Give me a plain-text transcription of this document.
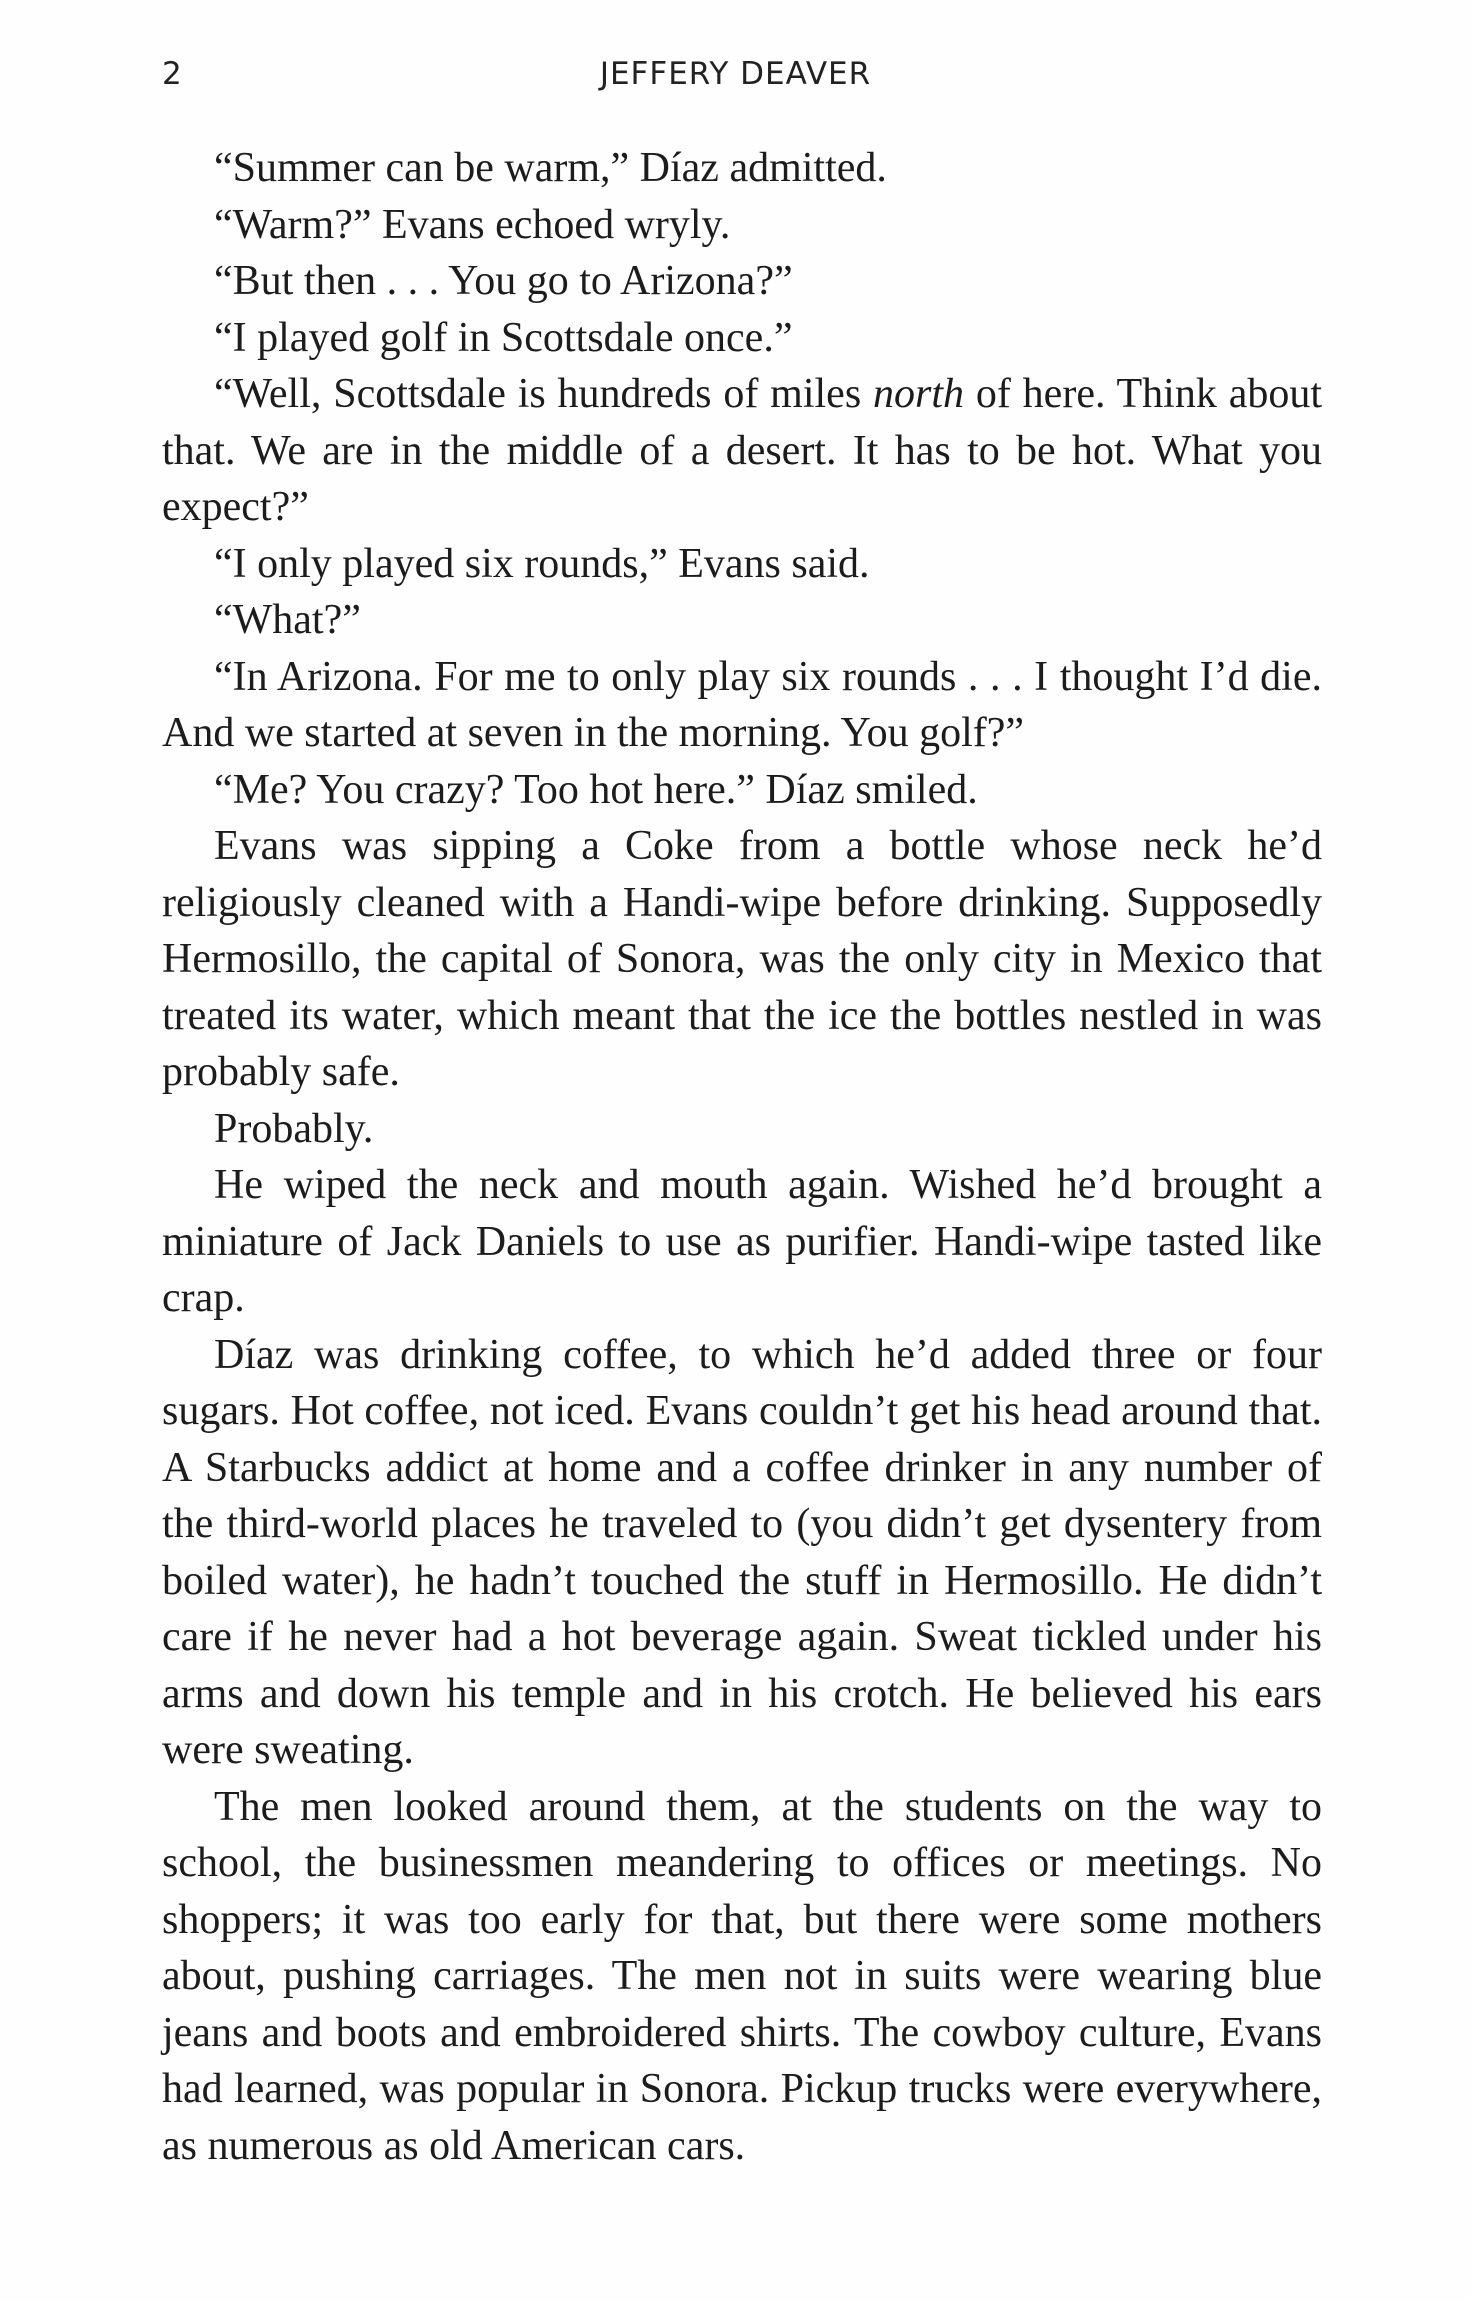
2	JEFFERY DEAVER

“Summer can be warm,” Díaz admitted.

“Warm?” Evans echoed wryly.

“But then . . . You go to Arizona?”

“I played golf in Scottsdale once.”

“Well, Scottsdale is hundreds of miles north of here. Think about that. We are in the middle of a desert. It has to be hot. What you expect?”

“I only played six rounds,” Evans said.

“What?”

“In Arizona. For me to only play six rounds . . . I thought I’d die. And we started at seven in the morning. You golf?”

“Me? You crazy? Too hot here.” Díaz smiled.

Evans was sipping a Coke from a bottle whose neck he’d religiously cleaned with a Handi-wipe before drinking. Supposedly Hermosillo, the capital of Sonora, was the only city in Mexico that treated its water, which meant that the ice the bottles nestled in was probably safe.

Probably.

He wiped the neck and mouth again. Wished he’d brought a miniature of Jack Daniels to use as purifier. Handi-wipe tasted like crap.

Díaz was drinking coffee, to which he’d added three or four sugars. Hot coffee, not iced. Evans couldn’t get his head around that. A Starbucks addict at home and a coffee drinker in any number of the third-world places he traveled to (you didn’t get dysentery from boiled water), he hadn’t touched the stuff in Hermosillo. He didn’t care if he never had a hot beverage again. Sweat tickled under his arms and down his temple and in his crotch. He believed his ears were sweating.

The men looked around them, at the students on the way to school, the businessmen meandering to offices or meetings. No shoppers; it was too early for that, but there were some mothers about, pushing carriages. The men not in suits were wearing blue jeans and boots and embroidered shirts. The cowboy culture, Evans had learned, was popular in Sonora. Pickup trucks were everywhere, as numerous as old American cars.
